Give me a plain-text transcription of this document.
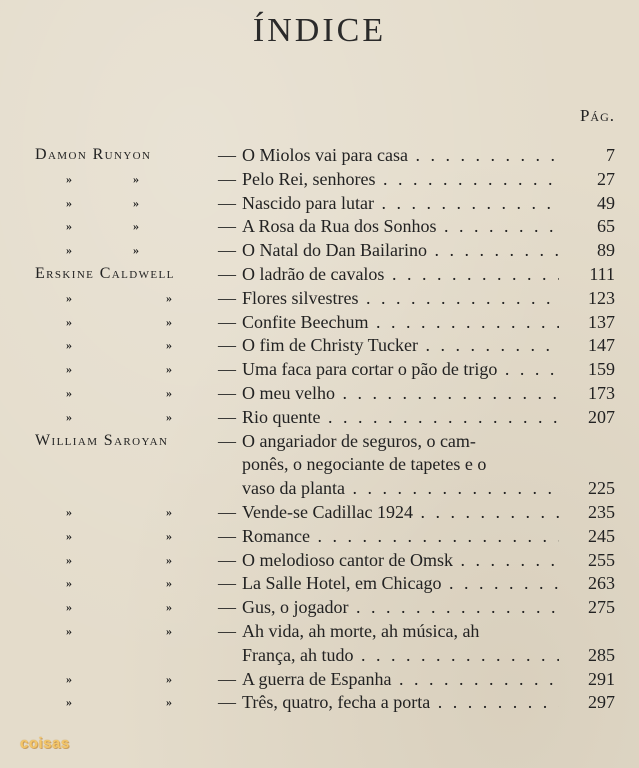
ÍNDICE
Pág.
Damon Runyon	— O Miolos vai para casa . . .	7
»	»	— Pelo Rei, senhores . . .	27
»	»	— Nascido para lutar . . .	49
»	»	— A Rosa da Rua dos Sonhos . . .	65
»	»	— O Natal do Dan Bailarino . . .	89
Erskine Caldwell — O ladrão de cavalos . . .	111
»	»	— Flores silvestres . . .	123
»	»	— Confite Beechum . . .	137
»	»	— O fim de Christy Tucker . . .	147
»	»	— Uma faca para cortar o pão de trigo . . .	159
»	»	— O meu velho . . .	173
»	»	— Rio quente . . .	207
William Saroyan	— O angariador de seguros, o cam-
ponês, o negociante de tapetes e o
vaso da planta . . .	225
»	»	— Vende-se Cadillac 1924 . . .	235
»	»	— Romance . . .	245
»	»	— O melodioso cantor de Omsk . . .	255
»	»	— La Salle Hotel, em Chicago . . .	263
»	»	— Gus, o jogador . . .	275
»	»	— Ah vida, ah morte, ah música, ah
França, ah tudo . . .	285
»	»	— A guerra de Espanha . . .	291
»	»	— Três, quatro, fecha a porta . . .	297
coisas
